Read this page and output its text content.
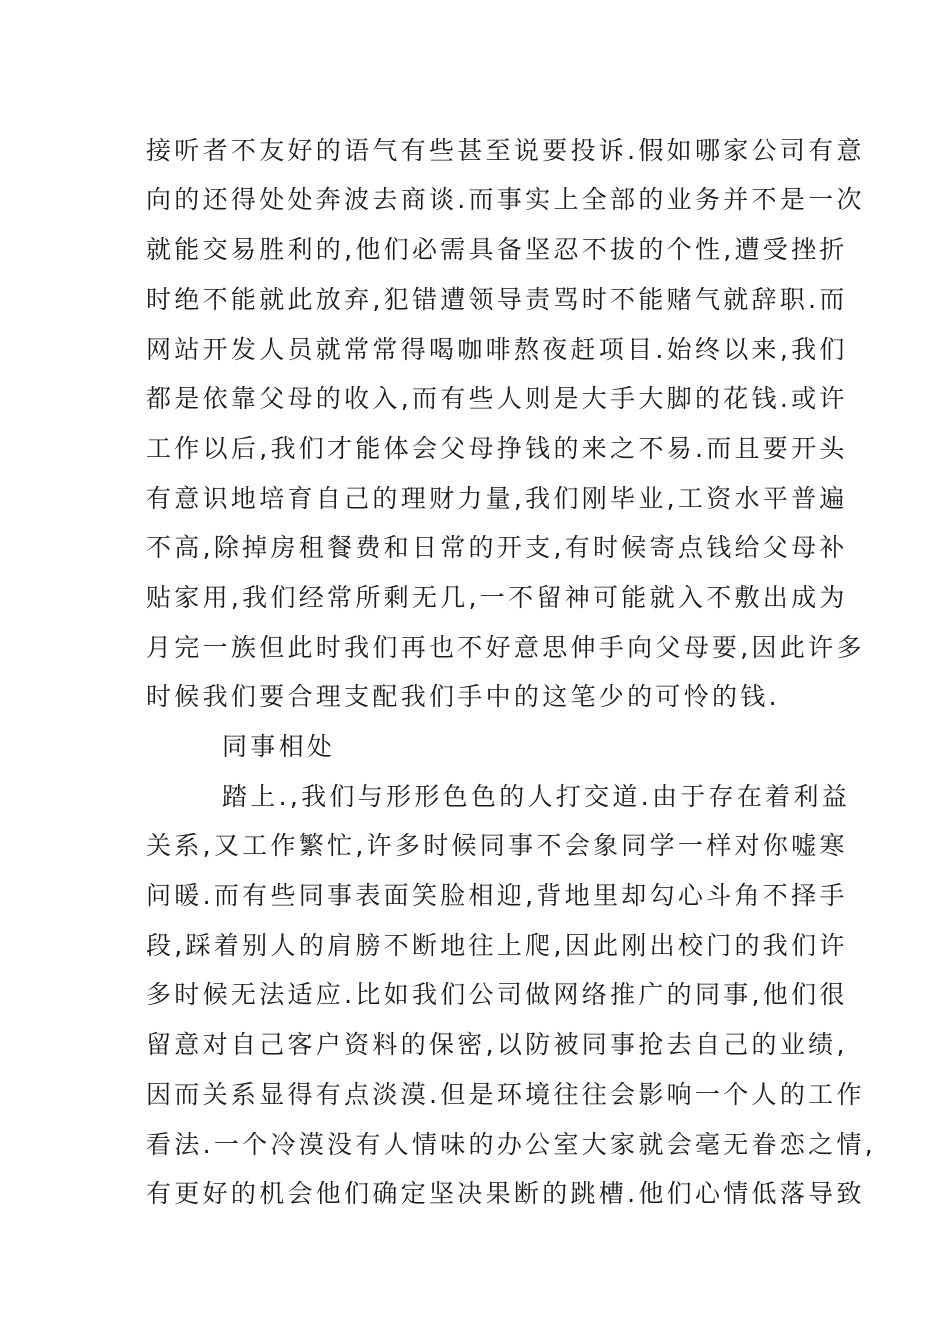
接听者不友好的语气有些甚至说要投诉.假如哪家公司有意
向的还得处处奔波去商谈.而事实上全部的业务并不是一次
就能交易胜利的,他们必需具备坚忍不拔的个性,遭受挫折
时绝不能就此放弃,犯错遭领导责骂时不能赌气就辞职.而
网站开发人员就常常得喝咖啡熬夜赶项目.始终以来,我们
都是依靠父母的收入,而有些人则是大手大脚的花钱.或许
工作以后,我们才能体会父母挣钱的来之不易.而且要开头
有意识地培育自己的理财力量,我们刚毕业,工资水平普遍
不高,除掉房租餐费和日常的开支,有时候寄点钱给父母补
贴家用,我们经常所剩无几,一不留神可能就入不敷出成为
月完一族但此时我们再也不好意思伸手向父母要,因此许多
时候我们要合理支配我们手中的这笔少的可怜的钱.
同事相处
踏上.,我们与形形色色的人打交道.由于存在着利益
关系,又工作繁忙,许多时候同事不会象同学一样对你嘘寒
问暖.而有些同事表面笑脸相迎,背地里却勾心斗角不择手
段,踩着别人的肩膀不断地往上爬,因此刚出校门的我们许
多时候无法适应.比如我们公司做网络推广的同事,他们很
留意对自己客户资料的保密,以防被同事抢去自己的业绩,
因而关系显得有点淡漠.但是环境往往会影响一个人的工作
看法.一个冷漠没有人情味的办公室大家就会毫无眷恋之情,
有更好的机会他们确定坚决果断的跳槽.他们心情低落导致
